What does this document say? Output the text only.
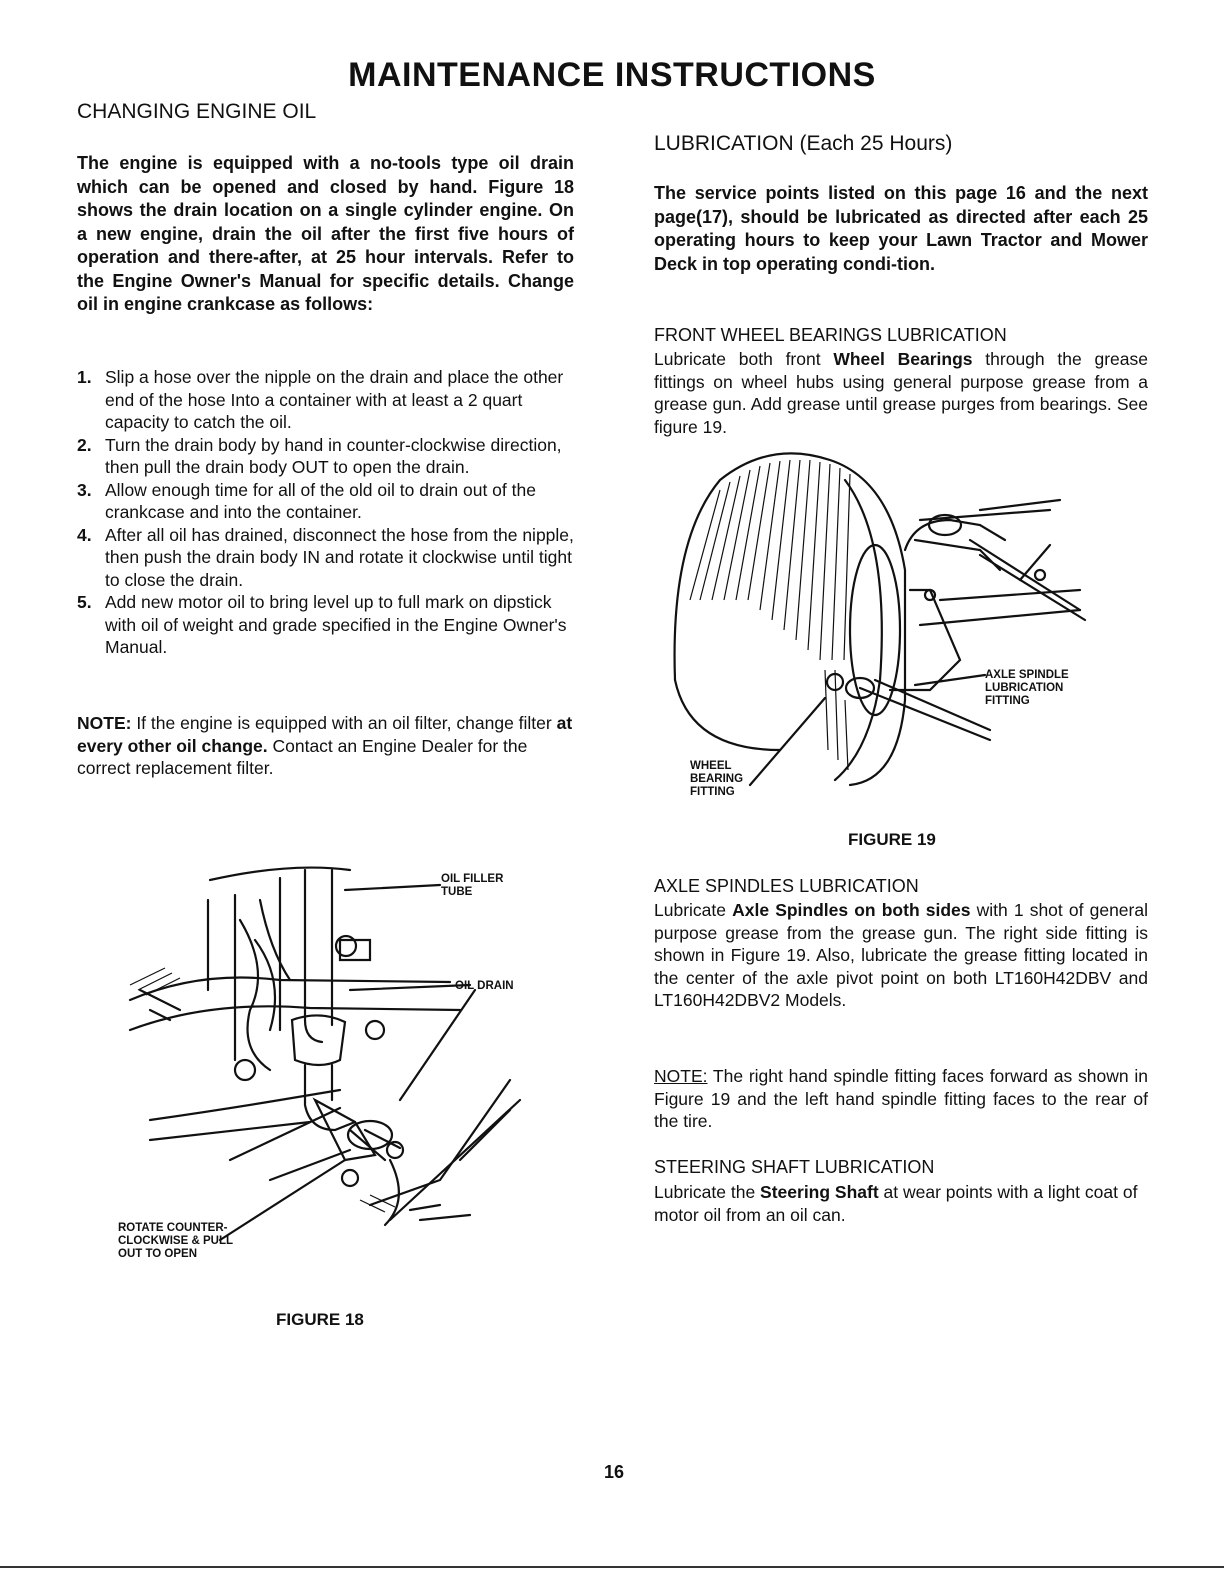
MAINTENANCE INSTRUCTIONS
CHANGING ENGINE OIL

The engine is equipped with a no-tools type oil drain which can be opened and closed by hand. Figure 18 shows the drain location on a single cylinder engine. On a new engine, drain the oil after the first five hours of operation and there-after, at 25 hour intervals. Refer to the Engine Owner's Manual for specific details. Change oil in engine crankcase as follows:

1. Slip a hose over the nipple on the drain and place the other end of the hose Into a container with at least a 2 quart capacity to catch the oil.
2. Turn the drain body by hand in counter-clockwise direction, then pull the drain body OUT to open the drain.
3. Allow enough time for all of the old oil to drain out of the crankcase and into the container.
4. After all oil has drained, disconnect the hose from the nipple, then push the drain body IN and rotate it clockwise until tight to close the drain.
5. Add new motor oil to bring level up to full mark on dipstick with oil of weight and grade specified in the Engine Owner's Manual.

NOTE: If the engine is equipped with an oil filter, change filter at every other oil change. Contact an Engine Dealer for the correct replacement filter.

OIL FILLER
TUBE
OIL DRAIN
ROTATE COUNTER-
CLOCKWISE & PULL
OUT TO OPEN
FIGURE 18
LUBRICATION (Each 25 Hours)

The service points listed on this page 16 and the next page(17), should be lubricated as directed after each 25 operating hours to keep your Lawn Tractor and Mower Deck in top operating condi-tion.

FRONT WHEEL BEARINGS LUBRICATION

Lubricate both front Wheel Bearings through the grease fittings on wheel hubs using general purpose grease from a grease gun. Add grease until grease purges from bearings. See figure 19.

AXLE SPINDLE
LUBRICATION
FITTING
WHEEL
BEARING
FITTING
FIGURE 19
AXLE SPINDLES LUBRICATION

Lubricate Axle Spindles on both sides with 1 shot of general purpose grease from the grease gun. The right side fitting is shown in Figure 19. Also, lubricate the grease fitting located in the center of the axle pivot point on both LT160H42DBV and LT160H42DBV2 Models.

NOTE: The right hand spindle fitting faces forward as shown in Figure 19 and the left hand spindle fitting faces to the rear of the tire.

STEERING SHAFT LUBRICATION

Lubricate the Steering Shaft at wear points with a light coat of motor oil from an oil can.

16
